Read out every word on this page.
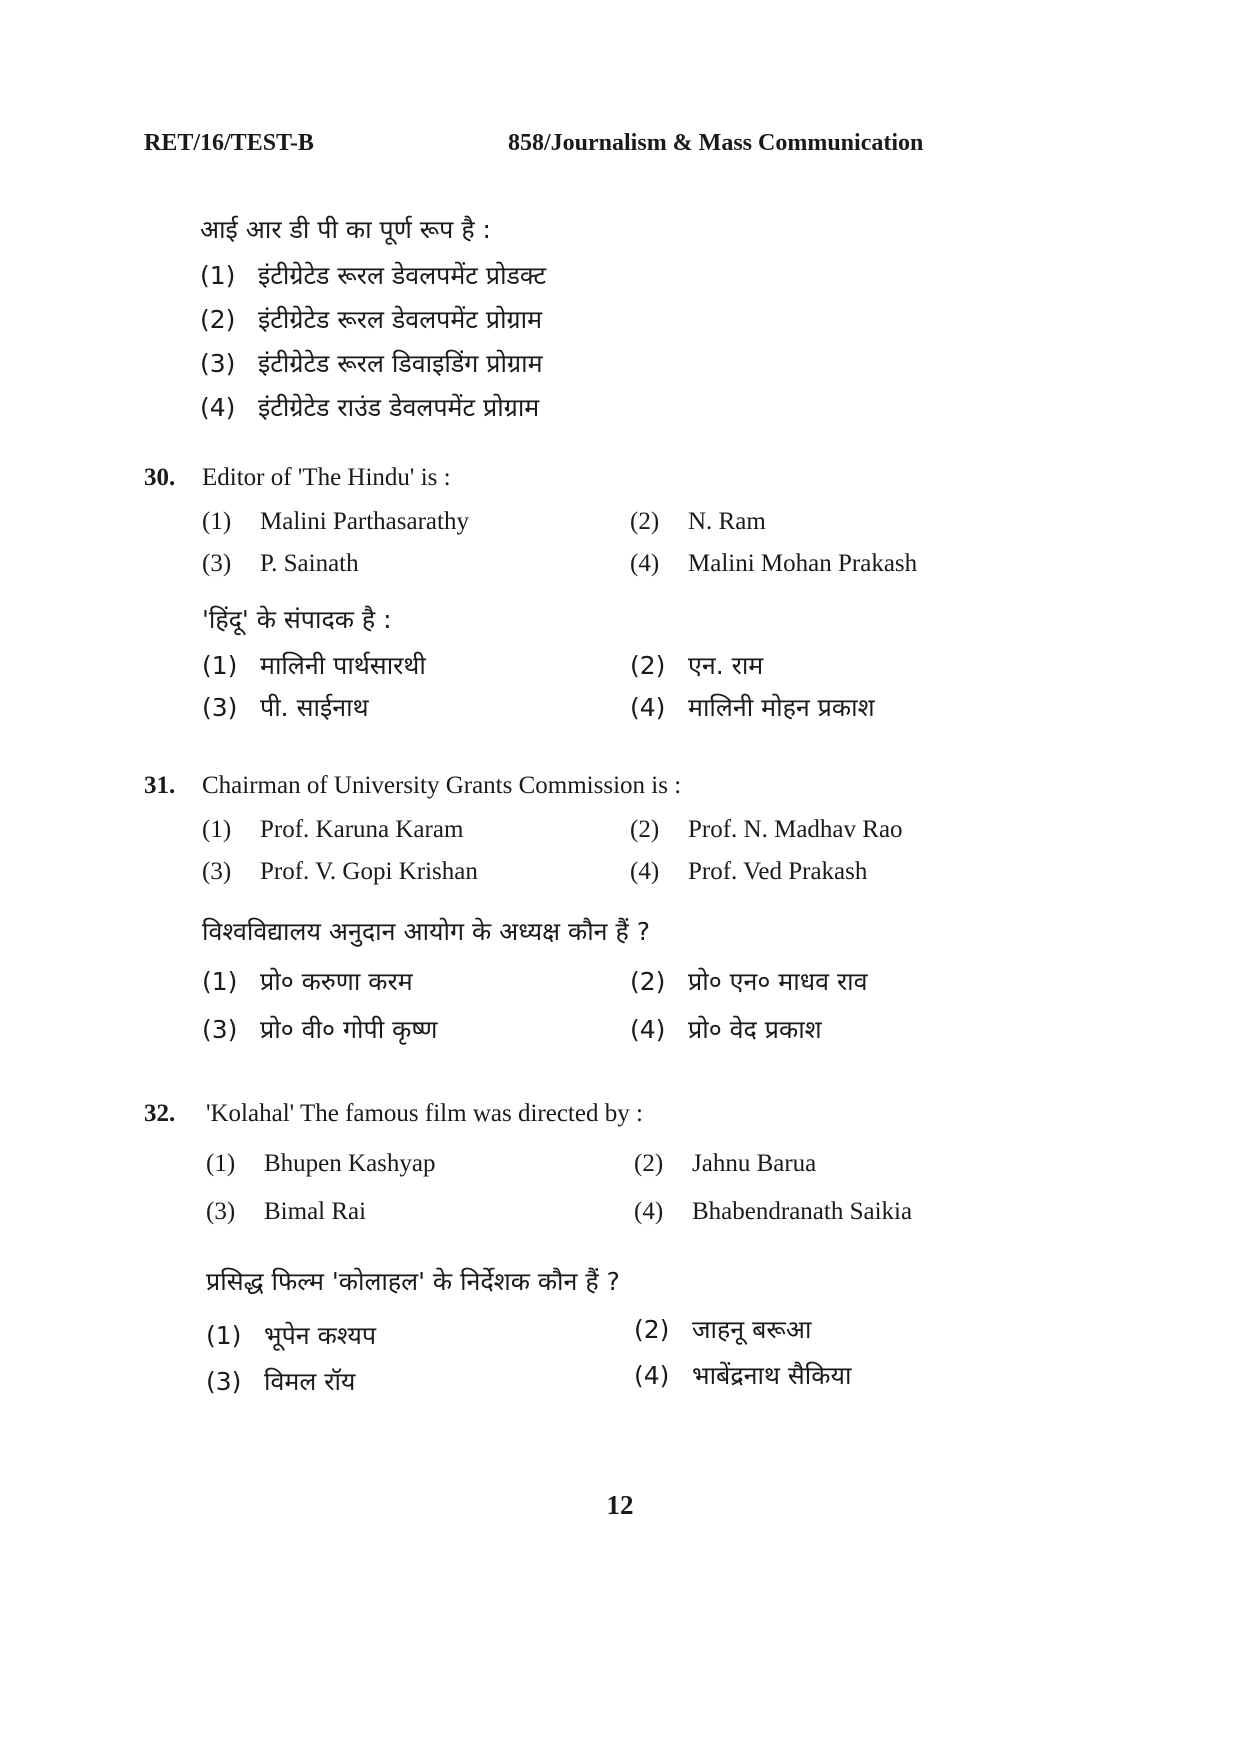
RET/16/TEST-B	858/Journalism & Mass Communication
आई आर डी पी का पूर्ण रूप है :
(1) इंटीग्रेटेड रूरल डेवलपमेंट प्रोडक्ट
(2) इंटीग्रेटेड रूरल डेवलपमेंट प्रोग्राम
(3) इंटीग्रेटेड रूरल डिवाइडिंग प्रोग्राम
(4) इंटीग्रेटेड राउंड डेवलपमेंट प्रोग्राम
30. Editor of 'The Hindu' is :
(1) Malini Parthasarathy	(2) N. Ram
(3) P. Sainath	(4) Malini Mohan Prakash
'हिंदू' के संपादक है :
(1) मालिनी पार्थसारथी	(2) एन. राम
(3) पी. साईनाथ	(4) मालिनी मोहन प्रकाश
31. Chairman of University Grants Commission is :
(1) Prof. Karuna Karam	(2) Prof. N. Madhav Rao
(3) Prof. V. Gopi Krishan	(4) Prof. Ved Prakash
विश्वविद्यालय अनुदान आयोग के अध्यक्ष कौन हैं ?
(1) प्रो० करुणा करम	(2) प्रो० एन० माधव राव
(3) प्रो० वी० गोपी कृष्ण	(4) प्रो० वेद प्रकाश
32. 'Kolahal' The famous film was directed by :
(1) Bhupen Kashyap	(2) Jahnu Barua
(3) Bimal Rai	(4) Bhabendranath Saikia
प्रसिद्ध फिल्म 'कोलाहल' के निर्देशक कौन हैं ?
(1) भूपेन कश्यप	(2) जाहनू बरूआ
(3) विमल रॉय	(4) भाबेंद्रनाथ सैकिया
12
